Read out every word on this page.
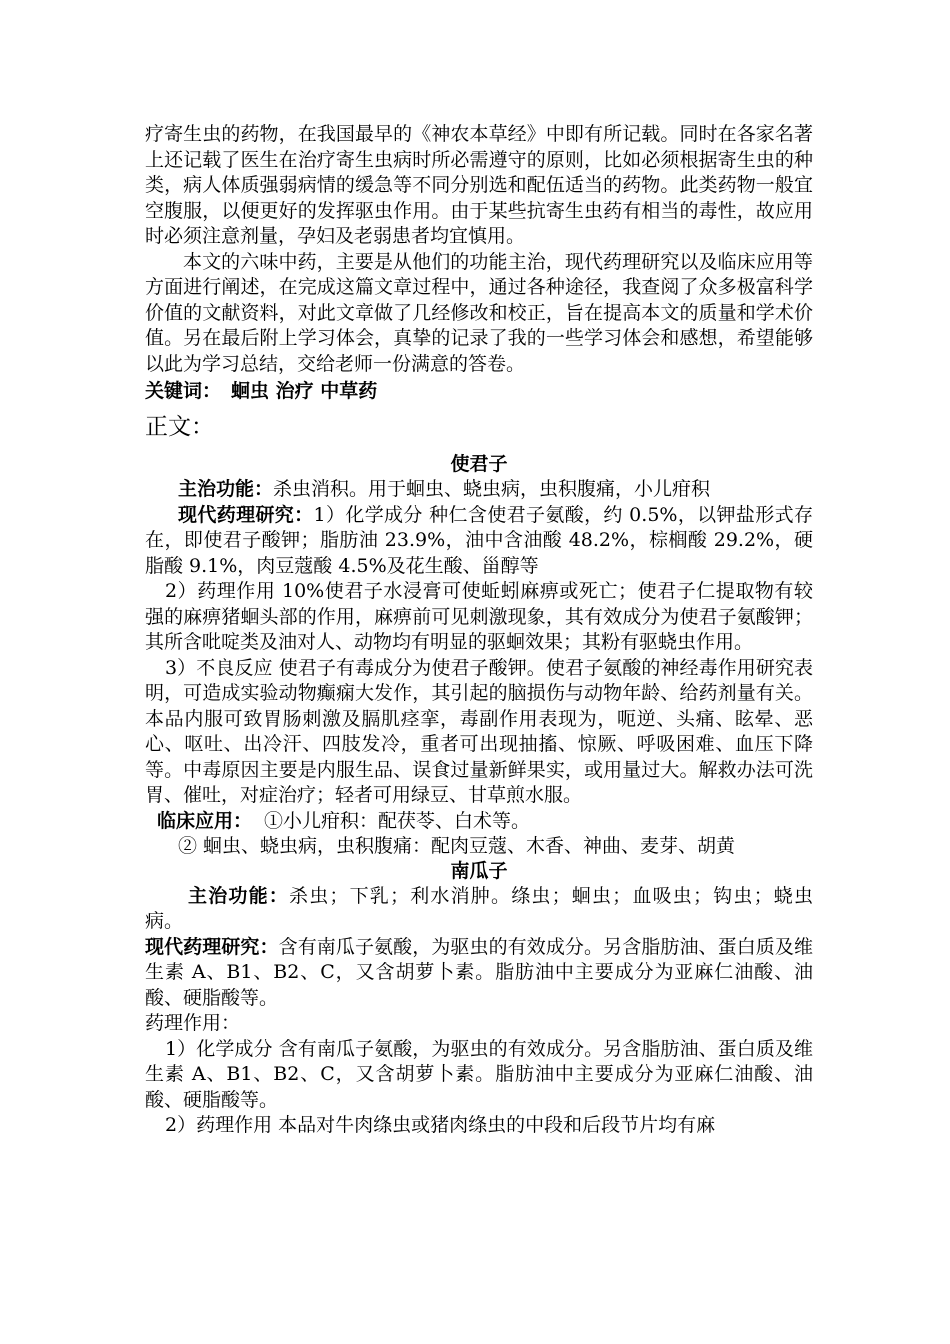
疗寄生虫的药物，在我国最早的《神农本草经》中即有所记载。同时在各家名著上还记载了医生在治疗寄生虫病时所必需遵守的原则，比如必须根据寄生虫的种类，病人体质强弱病情的缓急等不同分别选和配伍适当的药物。此类药物一般宜空腹服，以便更好的发挥驱虫作用。由于某些抗寄生虫药有相当的毒性，故应用时必须注意剂量，孕妇及老弱患者均宜慎用。

本文的六味中药，主要是从他们的功能主治，现代药理研究以及临床应用等方面进行阐述，在完成这篇文章过程中，通过各种途径，我查阅了众多极富科学价值的文献资料，对此文章做了几经修改和校正，旨在提高本文的质量和学术价值。另在最后附上学习体会，真挚的记录了我的一些学习体会和感想，希望能够以此为学习总结，交给老师一份满意的答卷。

关键词： 蛔虫 治疗 中草药

正文：

使君子

主治功能：杀虫消积。用于蛔虫、蛲虫病，虫积腹痛，小儿疳积

现代药理研究：1）化学成分 种仁含使君子氨酸，约 0.5%，以钾盐形式存在，即使君子酸钾；脂肪油 23.9%，油中含油酸 48.2%，棕榈酸 29.2%，硬脂酸 9.1%，肉豆蔻酸 4.5%及花生酸、甾醇等

2）药理作用 10%使君子水浸膏可使蚯蚓麻痹或死亡；使君子仁提取物有较强的麻痹猪蛔头部的作用，麻痹前可见刺激现象，其有效成分为使君子氨酸钾；其所含吡啶类及油对人、动物均有明显的驱蛔效果；其粉有驱蛲虫作用。

3）不良反应 使君子有毒成分为使君子酸钾。使君子氨酸的神经毒作用研究表明，可造成实验动物癫痫大发作，其引起的脑损伤与动物年龄、给药剂量有关。本品内服可致胃肠刺激及膈肌痉挛，毒副作用表现为，呃逆、头痛、眩晕、恶心、呕吐、出冷汗、四肢发冷，重者可出现抽搐、惊厥、呼吸困难、血压下降等。中毒原因主要是内服生品、误食过量新鲜果实，或用量过大。解救办法可洗胃、催吐，对症治疗；轻者可用绿豆、甘草煎水服。

临床应用： ①小儿疳积：配茯苓、白术等。

② 蛔虫、蛲虫病，虫积腹痛：配肉豆蔻、木香、神曲、麦芽、胡黄

南瓜子

主治功能：杀虫；下乳；利水消肿。绦虫；蛔虫；血吸虫；钩虫；蛲虫病。

现代药理研究：含有南瓜子氨酸，为驱虫的有效成分。另含脂肪油、蛋白质及维生素 A、B1、B2、C，又含胡萝卜素。脂肪油中主要成分为亚麻仁油酸、油酸、硬脂酸等。

药理作用：

1）化学成分 含有南瓜子氨酸，为驱虫的有效成分。另含脂肪油、蛋白质及维生素 A、B1、B2、C，又含胡萝卜素。脂肪油中主要成分为亚麻仁油酸、油酸、硬脂酸等。

2）药理作用 本品对牛肉绦虫或猪肉绦虫的中段和后段节片均有麻
